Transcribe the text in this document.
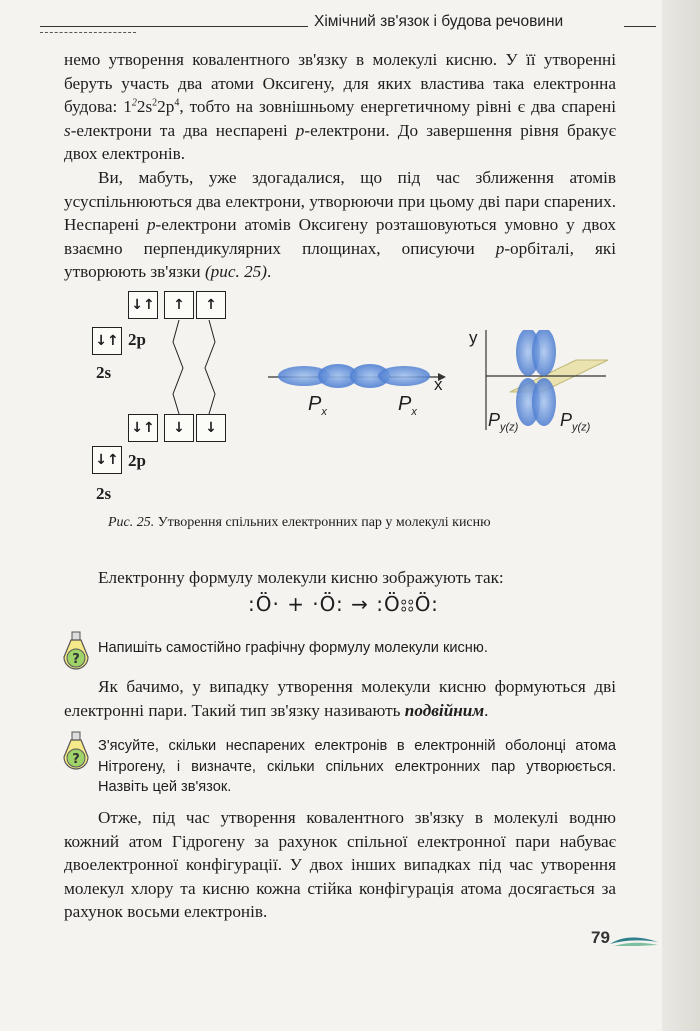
Хімічний зв'язок і будова речовини

немо утворення ковалентного зв'язку в молекулі кисню. У її утворенні беруть участь два атоми Оксигену, для яких властива така електронна будова: $1^22s^22p^4$, тобто на зовнішньому енергетичному рівні є два спарені s-електрони та два неспарені p-електрони. До завершення рівня бракує двох електронів.

Ви, мабуть, уже здогадалися, що під час зближення атомів усуспільнюються два електрони, утворюючи при цьому дві пари спарених. Неспарені p-електрони атомів Оксигену розташовуються умовно у двох взаємно перпендикулярних площинах, описуючи p-орбіталі, які утворюють зв'язки (рис. 25).

↓↑	↑	↑
↓↑ 2p
2s
↓↑	↓	↓
↓↑ 2p
2s
x
$P_x$	$P_x$
y
$P_{y(z)}$ $P_{y(z)}$
Рис. 25. Утворення спільних електронних пар у молекулі кисню

Електронну формулу молекули кисню зображують так:

:Ö· + ·Ö: → :Ö⦂⦂Ö:
?
Напишіть самостійно графічну формулу молекули кисню.

Як бачимо, у випадку утворення молекули кисню формуються дві електронні пари. Такий тип зв'язку називають подвійним.

?
З'ясуйте, скільки неспарених електронів в електронній оболонці атома Нітрогену, і визначте, скільки спільних електронних пар утворюється. Назвіть цей зв'язок.

Отже, під час утворення ковалентного зв'язку в молекулі водню кожний атом Гідрогену за рахунок спільної електронної пари набуває двоелектронної конфігурації. У двох інших випадках під час утворення молекул хлору та кисню кожна стійка конфігурація атома досягається за рахунок восьми електронів.

79
